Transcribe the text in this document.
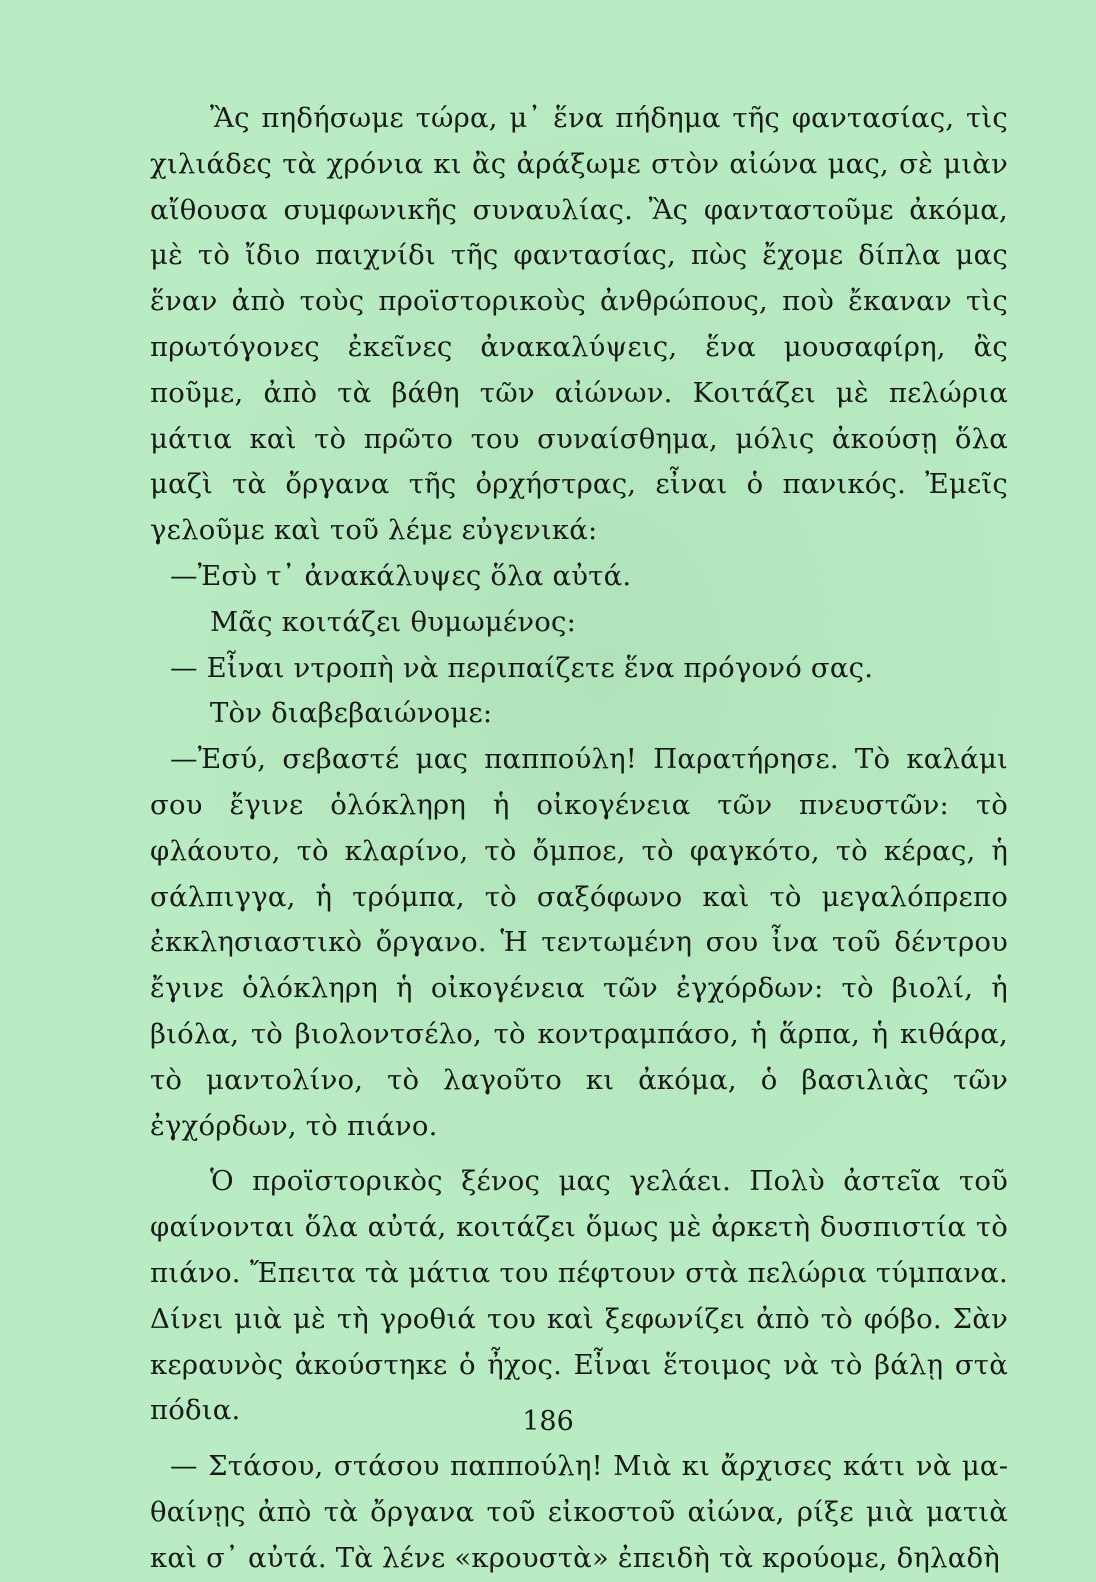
Ἂς πηδήσωμε τώρα, μ᾽ ἕνα πήδημα τῆς φαντασίας, τὶς χιλιάδες τὰ χρόνια κι ἂς ἀράξωμε στὸν αἰώνα μας, σὲ μιὰν αἴθουσα συμφωνικῆς συναυλίας. Ἂς φανταστοῦμε ἀκόμα, μὲ τὸ ἴδιο παιχνίδι τῆς φαντασίας, πὼς ἔχομε δίπλα μας ἕναν ἀπὸ τοὺς προϊστορικοὺς ἀνθρώπους, ποὺ ἔκαναν τὶς πρωτόγονες ἐκεῖνες ἀνακαλύψεις, ἕνα μουσαφίρη, ἂς ποῦμε, ἀπὸ τὰ βάθη τῶν αἰώνων. Κοιτάζει μὲ πελώρια μάτια καὶ τὸ πρῶτο του συναίσθημα, μόλις ἀκούσῃ ὅλα μαζὶ τὰ ὄργανα τῆς ὀρχήστρας, εἶναι ὁ πανικός. Ἐμεῖς γελοῦμε καὶ τοῦ λέμε εὐγενικά:

—Ἐσὺ τ᾽ ἀνακάλυψες ὅλα αὐτά.

Μᾶς κοιτάζει θυμωμένος:

— Εἶναι ντροπὴ νὰ περιπαίζετε ἕνα πρόγονό σας.

Τὸν διαβεβαιώνομε:

—Ἐσύ, σεβαστέ μας παππούλη! Παρατήρησε. Τὸ καλάμι σου ἔγινε ὁλόκληρη ἡ οἰκογένεια τῶν πνευστῶν: τὸ φλάουτο, τὸ κλαρίνο, τὸ ὄμποε, τὸ φαγκότο, τὸ κέρας, ἡ σάλπιγγα, ἡ τρόμπα, τὸ σαξόφωνο καὶ τὸ μεγαλόπρεπο ἐκκλησιαστικὸ ὄργανο. Ἡ τεντωμένη σου ἶνα τοῦ δέντρου ἔγινε ὁλόκληρη ἡ οἰκογένεια τῶν ἐγχόρδων: τὸ βιολί, ἡ βιόλα, τὸ βιολοντσέλο, τὸ κοντραμπάσο, ἡ ἅρπα, ἡ κιθάρα, τὸ μαντολίνο, τὸ λαγοῦτο κι ἀκόμα, ὁ βασιλιὰς τῶν ἐγχόρδων, τὸ πιάνο.

Ὁ προϊστορικὸς ξένος μας γελάει. Πολὺ ἀστεῖα τοῦ φαίνονται ὅλα αὐτά, κοιτάζει ὅμως μὲ ἀρκετὴ δυσπιστία τὸ πιάνο. Ἔπειτα τὰ μάτια του πέφτουν στὰ πελώρια τύμπανα. Δίνει μιὰ μὲ τὴ γροθιά του καὶ ξεφωνίζει ἀπὸ τὸ φόβο. Σὰν κεραυνὸς ἀκούστηκε ὁ ἦχος. Εἶναι ἕτοιμος νὰ τὸ βάλῃ στὰ πόδια.

— Στάσου, στάσου παππούλη! Μιὰ κι ἄρχισες κάτι νὰ μαθαίνῃς ἀπὸ τὰ ὄργανα τοῦ εἰκοστοῦ αἰώνα, ρίξε μιὰ ματιὰ καὶ σ᾽ αὐτά. Τὰ λένε «κρουστὰ» ἐπειδὴ τὰ κρούομε, δηλαδὴ

186
